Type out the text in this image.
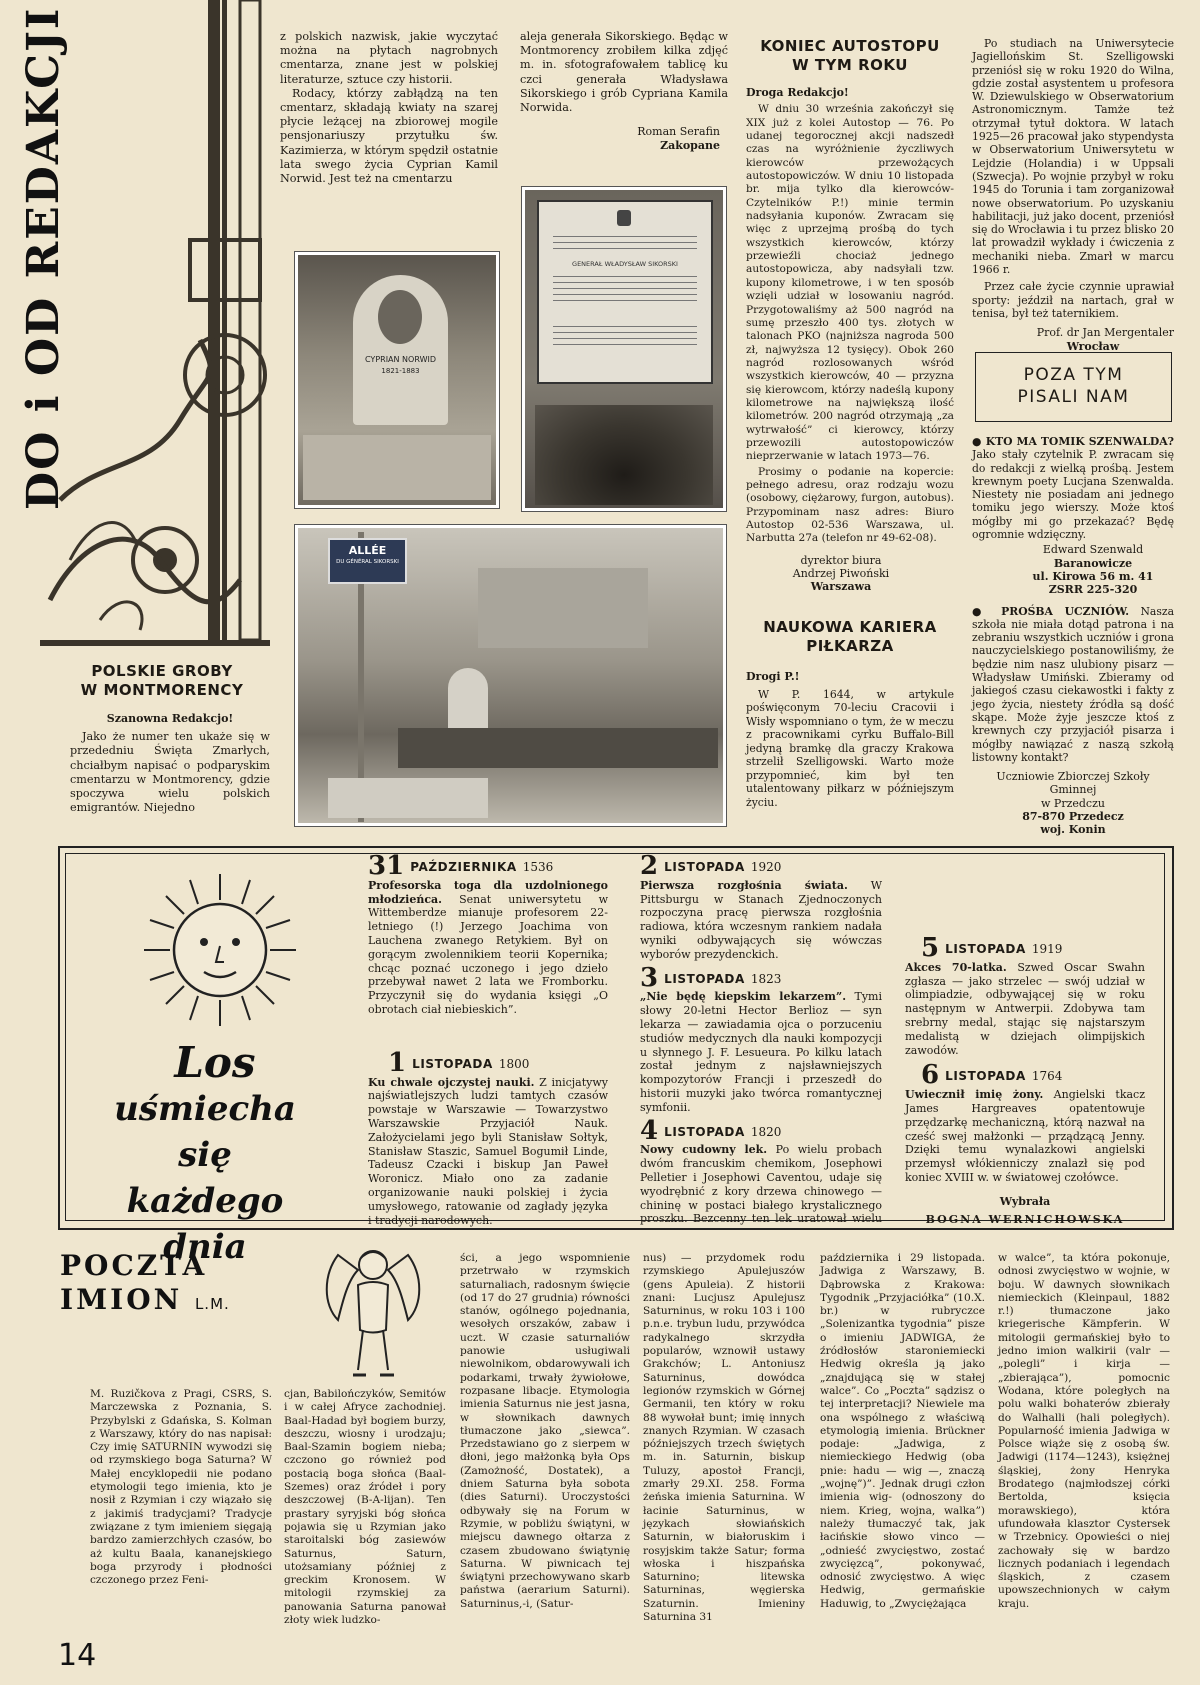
DO i OD REDAKCJI
POLSKIE GROBY
W MONTMORENCY

Szanowna Redakcjo!

Jako że numer ten ukaże się w przededniu Święta Zmarłych, chciałbym napisać o podparyskim cmentarzu w Montmorency, gdzie spoczywa wielu polskich emigrantów. Niejedno

z polskich nazwisk, jakie wyczytać można na płytach nagrobnych cmentarza, znane jest w polskiej literaturze, sztuce czy historii.

Rodacy, którzy zabłądzą na ten cmentarz, składają kwiaty na szarej płycie leżącej na zbiorowej mogile pensjonariuszy przytułku św. Kazimierza, w którym spędził ostatnie lata swego życia Cyprian Kamil Norwid. Jest też na cmentarzu

aleja generała Sikorskiego. Będąc w Montmorency zrobiłem kilka zdjęć m. in. sfotografowałem tablicę ku czci generała Władysława Sikorskiego i grób Cypriana Kamila Norwida.

Roman Serafin
Zakopane
CYPRIAN NORWID
1821-1883
GENERAŁ WŁADYSŁAW SIKORSKI
ALLÉE
DU GÉNÉRAL SIKORSKI
KONIEC AUTOSTOPU
W TYM ROKU

Droga Redakcjo!

W dniu 30 września zakończył się XIX już z kolei Autostop — 76. Po udanej tegorocznej akcji nadszedł czas na wyróżnienie życzliwych kierowców przewożących autostopowiczów. W dniu 10 listopada br. mija tylko dla kierowców-Czytelników P.!) minie termin nadsyłania kuponów. Zwracam się więc z uprzejmą prośbą do tych wszystkich kierowców, którzy przewieźli chociaż jednego autostopowicza, aby nadsyłali tzw. kupony kilometrowe, i w ten sposób wzięli udział w losowaniu nagród. Przygotowaliśmy aż 500 nagród na sumę przeszło 400 tys. złotych w talonach PKO (najniższa nagroda 500 zł, najwyższa 12 tysięcy). Obok 260 nagród rozlosowanych wśród wszystkich kierowców, 40 — przyzna się kierowcom, którzy nadeślą kupony kilometrowe na największą ilość kilometrów. 200 nagród otrzymają „za wytrwałość” ci kierowcy, którzy przewozili autostopowiczów nieprzerwanie w latach 1973—76.

Prosimy o podanie na kopercie: pełnego adresu, oraz rodzaju wozu (osobowy, ciężarowy, furgon, autobus). Przypominam nasz adres: Biuro Autostop 02-536 Warszawa, ul. Narbutta 27a (telefon nr 49-62-08).

dyrektor biura
Andrzej Piwoński
Warszawa
NAUKOWA KARIERA
PIŁKARZA

Drogi P.!

W P. 1644, w artykule poświęconym 70-leciu Cracovii i Wisły wspomniano o tym, że w meczu z pracownikami cyrku Buffalo-Bill jedyną bramkę dla graczy Krakowa strzelił Szelligowski. Warto może przypomnieć, kim był ten utalentowany piłkarz w późniejszym życiu.

Po studiach na Uniwersytecie Jagiellońskim St. Szelligowski przeniósł się w roku 1920 do Wilna, gdzie został asystentem u profesora W. Dziewulskiego w Obserwatorium Astronomicznym. Tamże też otrzymał tytuł doktora. W latach 1925—26 pracował jako stypendysta w Obserwatorium Uniwersytetu w Lejdzie (Holandia) i w Uppsali (Szwecja). Po wojnie przybył w roku 1945 do Torunia i tam zorganizował nowe obserwatorium. Po uzyskaniu habilitacji, już jako docent, przeniósł się do Wrocławia i tu przez blisko 20 lat prowadził wykłady i ćwiczenia z mechaniki nieba. Zmarł w marcu 1966 r.

Przez całe życie czynnie uprawiał sporty: jeździł na nartach, grał w tenisa, był też taternikiem.

Prof. dr Jan Mergentaler
Wrocław

POZA TYM
PISALI NAM

● KTO MA TOMIK SZENWALDA? Jako stały czytelnik P. zwracam się do redakcji z wielką prośbą. Jestem krewnym poety Lucjana Szenwalda. Niestety nie posiadam ani jednego tomiku jego wierszy. Może ktoś mógłby mi go przekazać? Będę ogromnie wdzięczny.

Edward Szenwald
Baranowicze
ul. Kirowa 56 m. 41
ZSRR 225-320

● PROŚBA UCZNIÓW. Nasza szkoła nie miała dotąd patrona i na zebraniu wszystkich uczniów i grona nauczycielskiego postanowiliśmy, że będzie nim nasz ulubiony pisarz — Władysław Umiński. Zbieramy od jakiegoś czasu ciekawostki i fakty z jego życia, niestety źródła są dość skąpe. Może żyje jeszcze ktoś z krewnych czy przyjaciół pisarza i mógłby nawiązać z naszą szkołą listowny kontakt?

Uczniowie Zbiorczej Szkoły Gminnej
w Przedczu
87-870 Przedecz
woj. Konin
Los
uśmiecha się
każdego dnia
31 PAŹDZIERNIKA 1536

Profesorska toga dla uzdolnionego młodzieńca. Senat uniwersytetu w Wittemberdze mianuje profesorem 22-letniego (!) Jerzego Joachima von Lauchena zwanego Retykiem. Był on gorącym zwolennikiem teorii Kopernika; chcąc poznać uczonego i jego dzieło przebywał nawet 2 lata we Fromborku. Przyczynił się do wydania księgi „O obrotach ciał niebieskich”.

1 LISTOPADA 1800

Ku chwale ojczystej nauki. Z inicjatywy najświatlejszych ludzi tamtych czasów powstaje w Warszawie — Towarzystwo Warszawskie Przyjaciół Nauk. Założycielami jego byli Stanisław Sołtyk, Stanisław Staszic, Samuel Bogumił Linde, Tadeusz Czacki i biskup Jan Paweł Woronicz. Miało ono za zadanie organizowanie nauki polskiej i życia umysłowego, ratowanie od zagłady języka i tradycji narodowych.

2 LISTOPADA 1920

Pierwsza rozgłośnia świata. W Pittsburgu w Stanach Zjednoczonych rozpoczyna pracę pierwsza rozgłośnia radiowa, która wczesnym rankiem nadała wyniki odbywających się wówczas wyborów prezydenckich.

3 LISTOPADA 1823

„Nie będę kiepskim lekarzem”. Tymi słowy 20-letni Hector Berlioz — syn lekarza — zawiadamia ojca o porzuceniu studiów medycznych dla nauki kompozycji u słynnego J. F. Lesueura. Po kilku latach został jednym z najsławniejszych kompozytorów Francji i przeszedł do historii muzyki jako twórca romantycznej symfonii.

4 LISTOPADA 1820

Nowy cudowny lek. Po wielu probach dwóm francuskim chemikom, Josephowi Pelletier i Josephowi Caventou, udaje się wyodrębnić z kory drzewa chinowego — chininę w postaci białego krystalicznego proszku. Bezcenny ten lek uratował wielu

5 LISTOPADA 1919

Akces 70-latka. Szwed Oscar Swahn zgłasza — jako strzelec — swój udział w olimpiadzie, odbywającej się w roku następnym w Antwerpii. Zdobywa tam srebrny medal, stając się najstarszym medalistą w dziejach olimpijskich zawodów.

6 LISTOPADA 1764

Uwiecznił imię żony. Angielski tkacz James Hargreaves opatentowuje przędzarkę mechaniczną, którą nazwał na cześć swej małżonki — prządzącą Jenny. Dzięki temu wynalazkowi angielski przemysł włókienniczy znalazł się pod koniec XVIII w. w światowej czołówce.

Wybrała
BOGNA WERNICHOWSKA
POCZTA
IMION L.M.

M. Ruzičkova z Pragi, CSRS, S. Marczewska z Poznania, S. Przybylski z Gdańska, S. Kolman z Warszawy, który do nas napisał: Czy imię SATURNIN wywodzi się od rzymskiego boga Saturna? W Małej encyklopedii nie podano etymologii tego imienia, kto je nosił z Rzymian i czy wiązało się z jakimiś tradycjami? Tradycje związane z tym imieniem sięgają bardzo zamierzchłych czasów, bo aż kultu Baala, kananejskiego boga przyrody i płodności czczonego przez Feni-

cjan, Babilończyków, Semitów i w całej Afryce zachodniej. Baal-Hadad był bogiem burzy, deszczu, wiosny i urodzaju; Baal-Szamin bogiem nieba; czczono go również pod postacią boga słońca (Baal-Szemes) oraz źródeł i pory deszczowej (B-A-lijan). Ten prastary syryjski bóg słońca pojawia się u Rzymian jako staroitalski bóg zasiewów Saturnus, Saturn, utożsamiany później z greckim Kronosem. W mitologii rzymskiej za panowania Saturna panował złoty wiek ludzko-

ści, a jego wspomnienie przetrwało w rzymskich saturnaliach, radosnym święcie (od 17 do 27 grudnia) równości stanów, ogólnego pojednania, wesołych orszaków, zabaw i uczt. W czasie saturnaliów panowie usługiwali niewolnikom, obdarowywali ich podarkami, trwały żywiołowe, rozpasane libacje. Etymologia imienia Saturnus nie jest jasna, w słownikach dawnych tłumaczone jako „siewca”. Przedstawiano go z sierpem w dłoni, jego małżonką była Ops (Zamożność, Dostatek), a dniem Saturna była sobota (dies Saturni). Uroczystości odbywały się na Forum w Rzymie, w pobliżu świątyni, w miejscu dawnego ołtarza z czasem zbudowano świątynię Saturna. W piwnicach tej świątyni przechowywano skarb państwa (aerarium Saturni). Saturninus,-i, (Satur-

nus) — przydomek rodu rzymskiego Apulejuszów (gens Apuleia). Z historii znani: Lucjusz Apulejusz Saturninus, w roku 103 i 100 p.n.e. trybun ludu, przywódca radykalnego skrzydła popularów, wznowił ustawy Grakchów; L. Antoniusz Saturninus, dowódca legionów rzymskich w Górnej Germanii, ten który w roku 88 wywołał bunt; imię innych znanych Rzymian. W czasach późniejszych trzech świętych m. in. Saturnin, biskup Tuluzy, apostoł Francji, zmarły 29.XI. 258. Forma żeńska imienia Saturnina. W łacinie Saturninus, w językach słowiańskich Saturnin, w białoruskim i rosyjskim także Satur; forma włoska i hiszpańska Saturnino; litewska Saturninas, węgierska Szaturnin. Imieniny Saturnina 31

października i 29 listopada. Jadwiga z Warszawy, B. Dąbrowska z Krakowa: Tygodnik „Przyjaciółka” (10.X. br.) w rubryczce „Solenizantka tygodnia” pisze o imieniu JADWIGA, że źródłosłów staroniemiecki Hedwig określa ją jako „znajdującą się w stałej walce”. Co „Poczta” sądzisz o tej interpretacji? Niewiele ma ona wspólnego z właściwą etymologią imienia. Brückner podaje: „Jadwiga, z niemieckiego Hedwig (oba pnie: hadu — wig —, znaczą „wojnę”)”. Jednak drugi człon imienia wig- (odnoszony do niem. Krieg, wojna, walka”) należy tłumaczyć tak, jak łacińskie słowo vinco — „odnieść zwycięstwo, zostać zwycięzcą”, pokonywać, odnosić zwycięstwo. A więc Hedwig, germańskie Haduwig, to „Zwyciężająca

w walce”, ta która pokonuje, odnosi zwycięstwo w wojnie, w boju. W dawnych słownikach niemieckich (Kleinpaul, 1882 r.!) tłumaczone jako kriegerische Kämpferin. W mitologii germańskiej było to jedno imion walkirii (valr — „polegli” i kirja — „zbierająca”), pomocnic Wodana, które poległych na polu walki bohaterów zbierały do Walhalli (hali poległych). Popularność imienia Jadwiga w Polsce wiąże się z osobą św. Jadwigi (1174—1243), księżnej śląskiej, żony Henryka Brodatego (najmłodszej córki Bertolda, księcia morawskiego), która ufundowała klasztor Cystersek w Trzebnicy. Opowieści o niej zachowały się w bardzo licznych podaniach i legendach śląskich, z czasem upowszechnionych w całym kraju.

14
